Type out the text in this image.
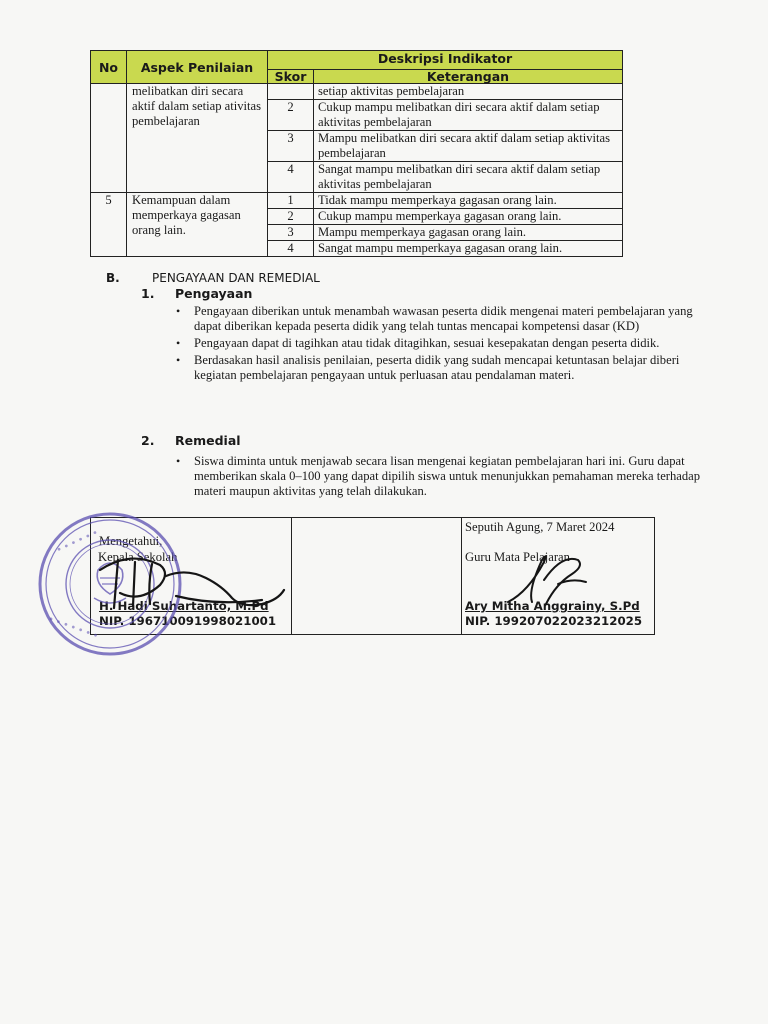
No	Aspek Penilaian	Deskripsi Indikator	
		Skor	Keterangan
	melibatkan diri secara aktif dalam setiap ativitas pembelajaran		setiap aktivitas pembelajaran
		2	Cukup mampu melibatkan diri secara aktif dalam setiap aktivitas pembelajaran
		3	Mampu melibatkan diri secara aktif dalam setiap aktivitas pembelajaran
		4	Sangat mampu melibatkan diri secara aktif dalam setiap aktivitas pembelajaran
5	Kemampuan dalam memperkaya gagasan orang lain.	1	Tidak mampu memperkaya gagasan orang lain.
		2	Cukup mampu memperkaya gagasan orang lain.
		3	Mampu memperkaya gagasan orang lain.
		4	Sangat mampu memperkaya gagasan orang lain.
B.	PENGAYAAN DAN REMEDIAL
1. Pengayaan
• Pengayaan diberikan untuk menambah wawasan peserta didik mengenai materi pembelajaran yang dapat diberikan kepada peserta didik yang telah tuntas mencapai kompetensi dasar (KD)
• Pengayaan dapat di tagihkan atau tidak ditagihkan, sesuai kesepakatan dengan peserta didik.
• Berdasakan hasil analisis penilaian, peserta didik yang sudah mencapai ketuntasan belajar diberi kegiatan pembelajaran pengayaan untuk perluasan atau pendalaman materi.
2. Remedial
• Siswa diminta untuk menjawab secara lisan mengenai kegiatan pembelajaran hari ini. Guru dapat memberikan skala 0–100 yang dapat dipilih siswa untuk menunjukkan pemahaman mereka terhadap materi maupun aktivitas yang telah dilakukan.
Mengetahui,
Kepala Sekolah
H. Hadi Suhartanto, M.Pd
NIP. 196710091998021001

Seputih Agung, 7 Maret 2024
Guru Mata Pelajaran
Ary Mitha Anggrainy, S.Pd
NIP. 199207022023212025
• • • • • •
• • • • • • •
